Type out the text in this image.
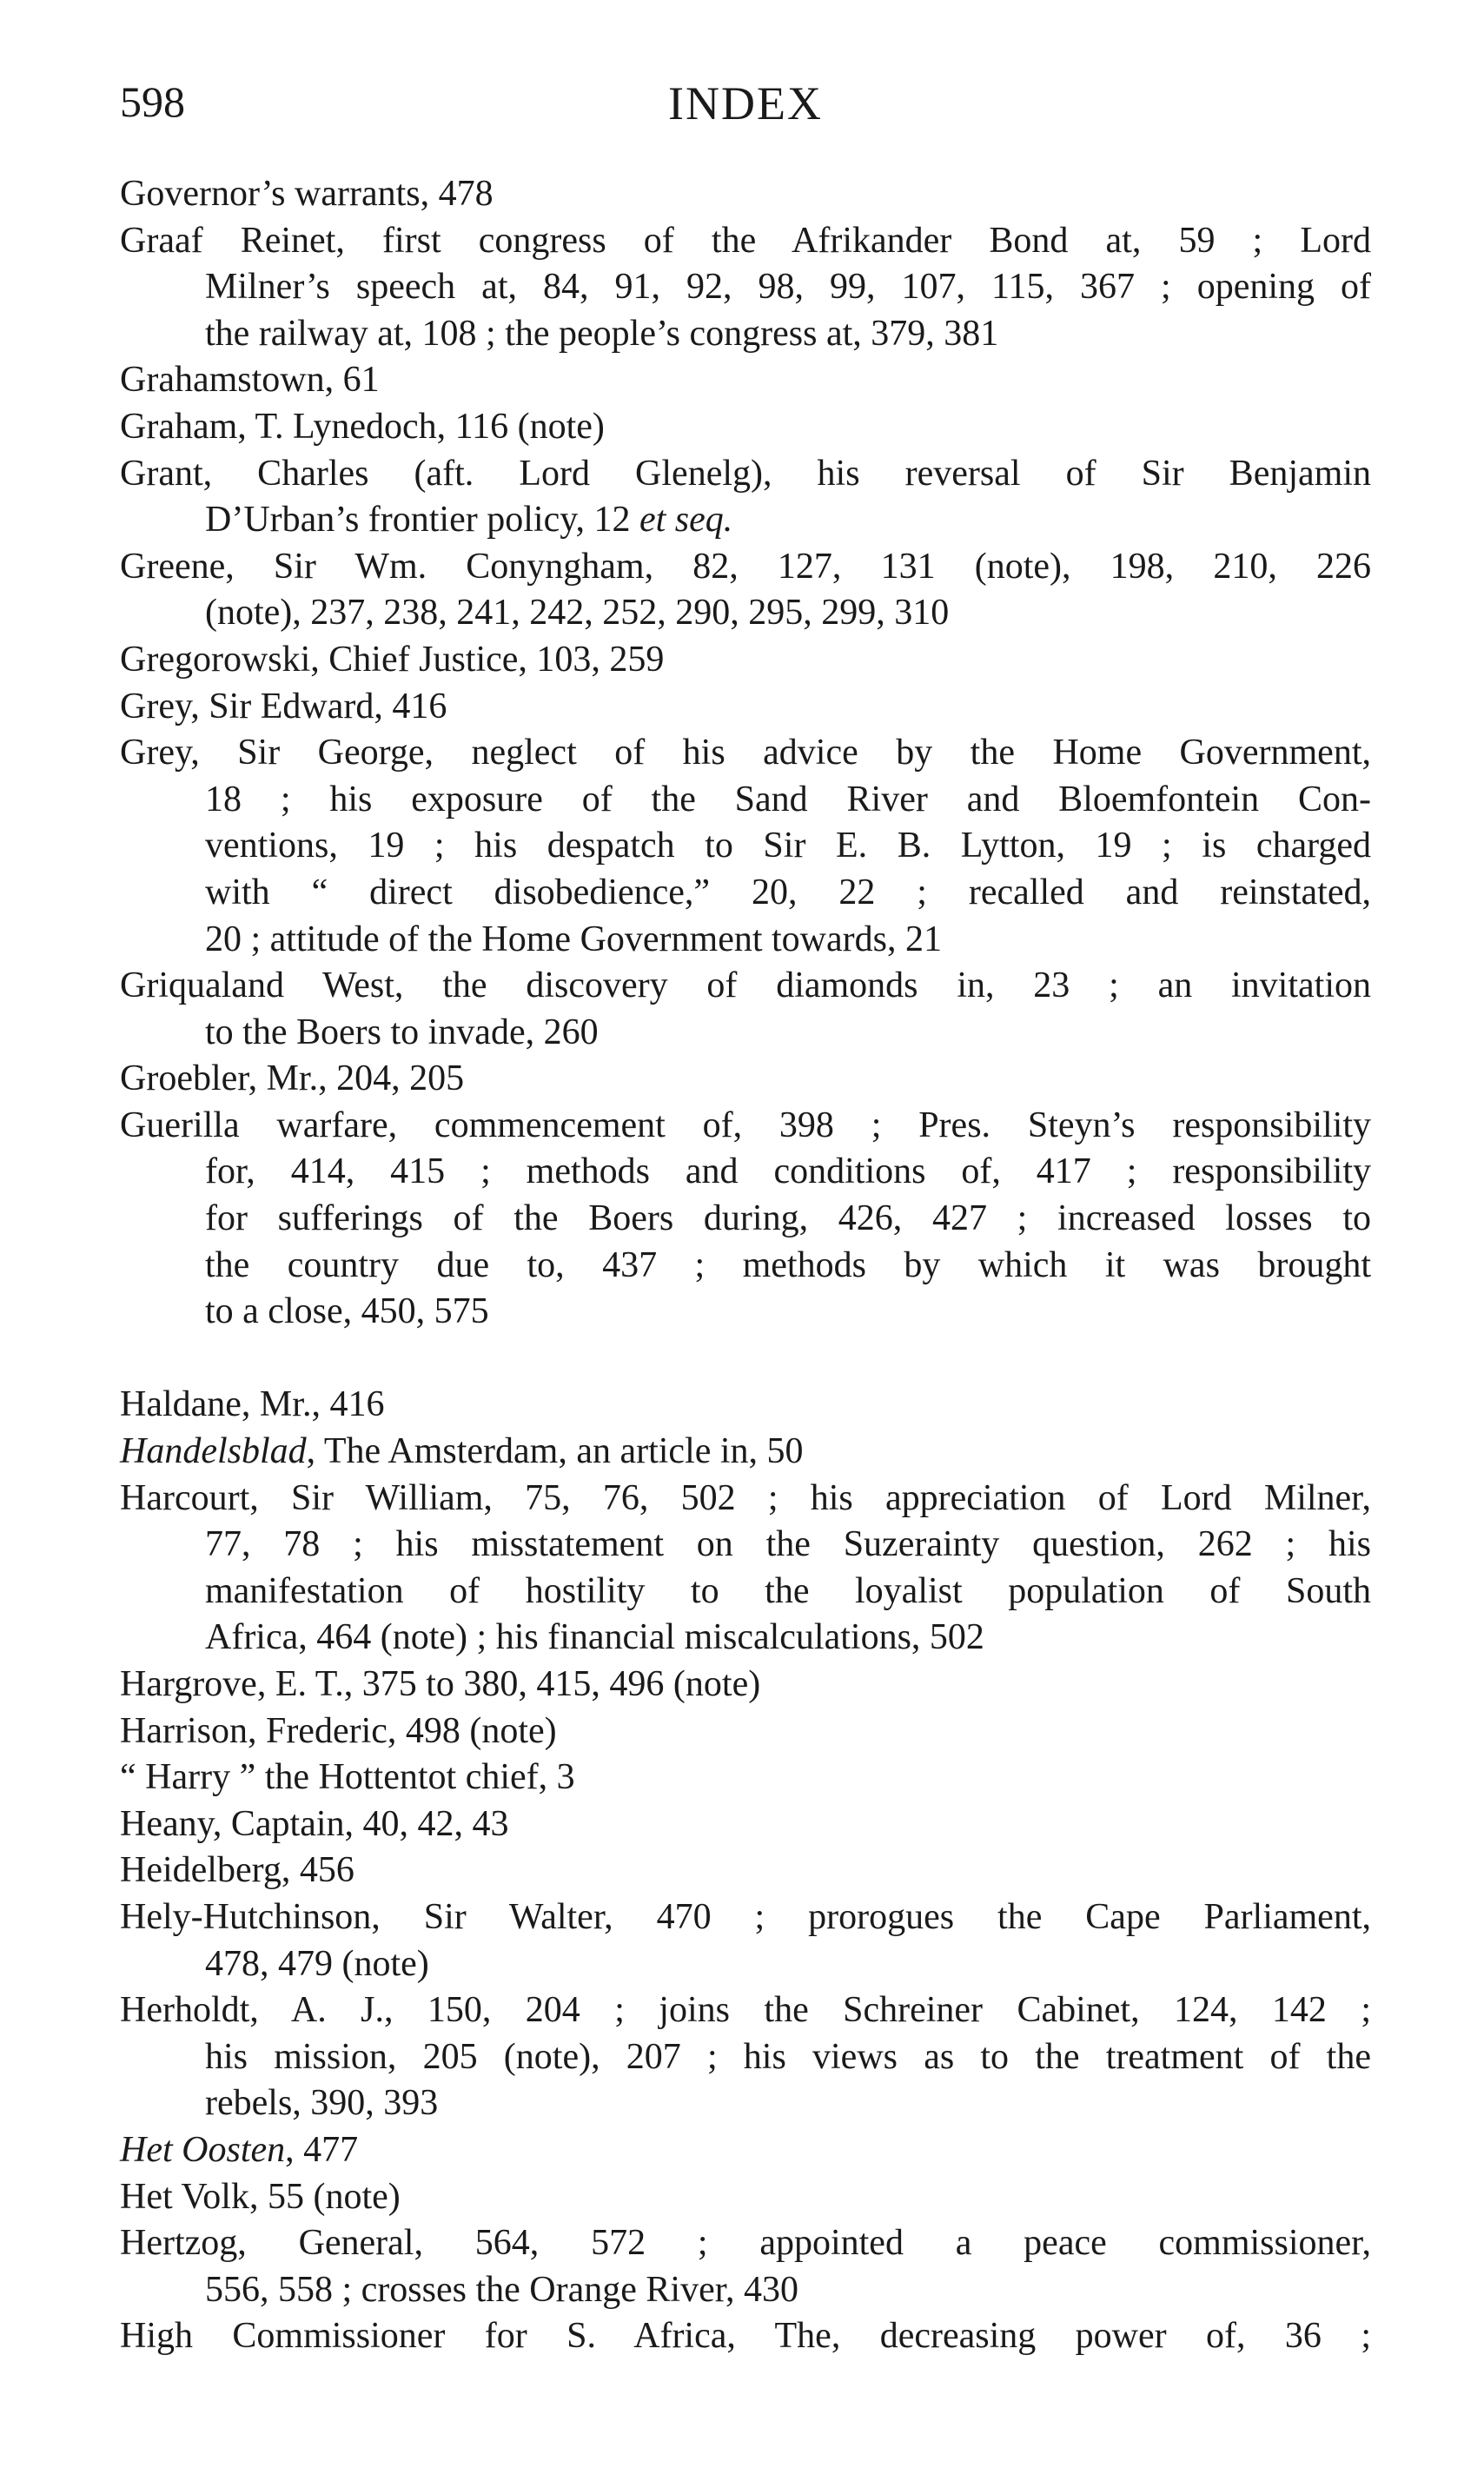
598	INDEX
Governor’s warrants, 478
Graaf Reinet, first congress of the Afrikander Bond at, 59 ; Lord
Milner’s speech at, 84, 91, 92, 98, 99, 107, 115, 367 ; opening of
the railway at, 108 ; the people’s congress at, 379, 381
Grahamstown, 61
Graham, T. Lynedoch, 116 (note)
Grant, Charles (aft. Lord Glenelg), his reversal of Sir Benjamin
D’Urban’s frontier policy, 12 et seq.
Greene, Sir Wm. Conyngham, 82, 127, 131 (note), 198, 210, 226
(note), 237, 238, 241, 242, 252, 290, 295, 299, 310
Gregorowski, Chief Justice, 103, 259
Grey, Sir Edward, 416
Grey, Sir George, neglect of his advice by the Home Government,
18 ; his exposure of the Sand River and Bloemfontein Con-
ventions, 19 ; his despatch to Sir E. B. Lytton, 19 ; is charged
with “ direct disobedience,” 20, 22 ; recalled and reinstated,
20 ; attitude of the Home Government towards, 21
Griqualand West, the discovery of diamonds in, 23 ; an invitation
to the Boers to invade, 260
Groebler, Mr., 204, 205
Guerilla warfare, commencement of, 398 ; Pres. Steyn’s responsibility
for, 414, 415 ; methods and conditions of, 417 ; responsibility
for sufferings of the Boers during, 426, 427 ; increased losses to
the country due to, 437 ; methods by which it was brought
to a close, 450, 575
Haldane, Mr., 416
Handelsblad, The Amsterdam, an article in, 50
Harcourt, Sir William, 75, 76, 502 ; his appreciation of Lord Milner,
77, 78 ; his misstatement on the Suzerainty question, 262 ; his
manifestation of hostility to the loyalist population of South
Africa, 464 (note) ; his financial miscalculations, 502
Hargrove, E. T., 375 to 380, 415, 496 (note)
Harrison, Frederic, 498 (note)
“ Harry ” the Hottentot chief, 3
Heany, Captain, 40, 42, 43
Heidelberg, 456
Hely-Hutchinson, Sir Walter, 470 ; prorogues the Cape Parliament,
478, 479 (note)
Herholdt, A. J., 150, 204 ; joins the Schreiner Cabinet, 124, 142 ;
his mission, 205 (note), 207 ; his views as to the treatment of the
rebels, 390, 393
Het Oosten, 477
Het Volk, 55 (note)
Hertzog, General, 564, 572 ; appointed a peace commissioner,
556, 558 ; crosses the Orange River, 430
High Commissioner for S. Africa, The, decreasing power of, 36 ;
